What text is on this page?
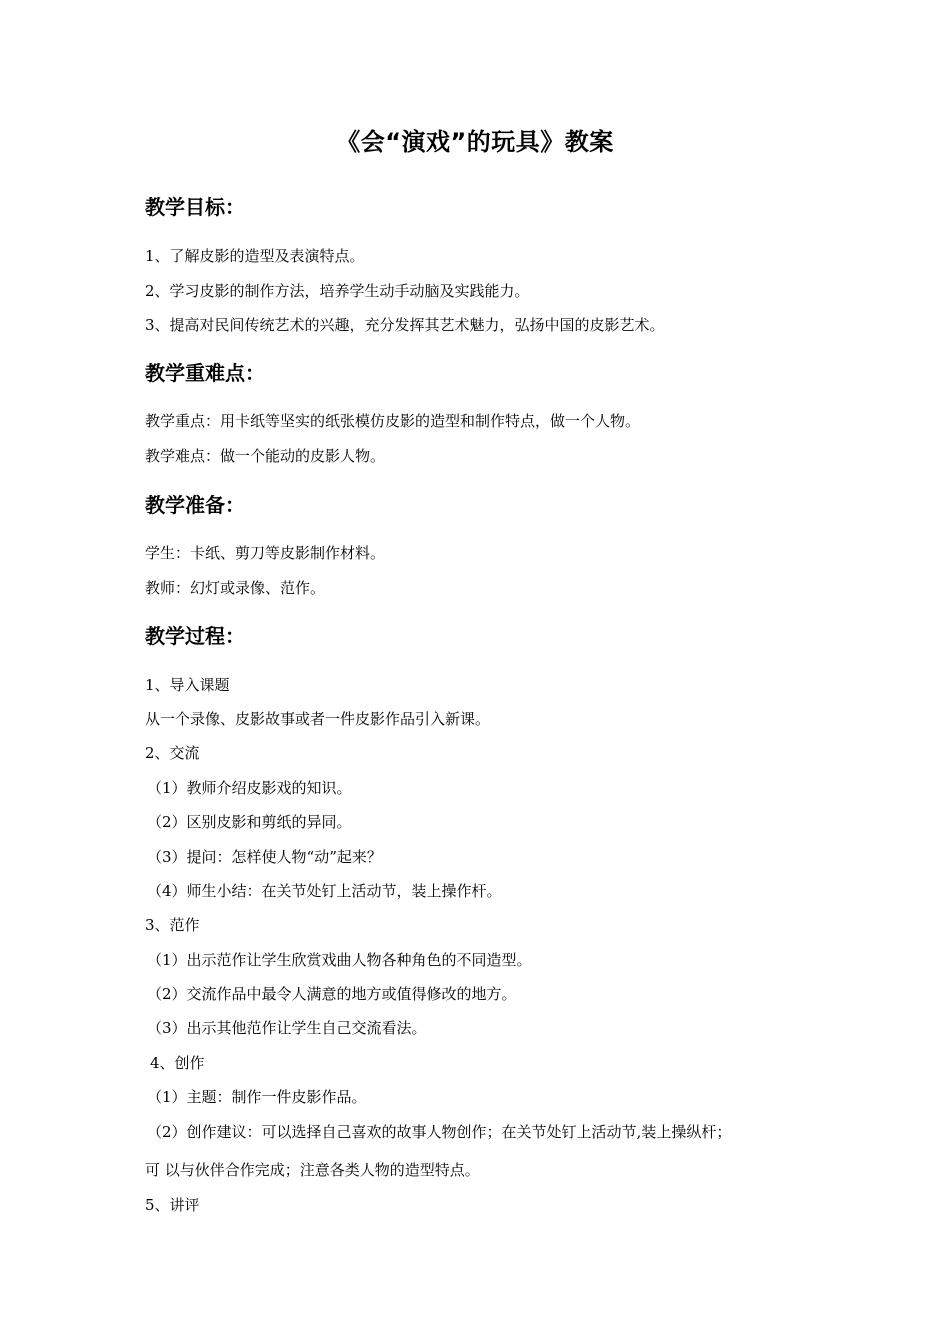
《会“演戏”的玩具》教案
教学目标：

1、了解皮影的造型及表演特点。

2、学习皮影的制作方法，培养学生动手动脑及实践能力。

3、提高对民间传统艺术的兴趣，充分发挥其艺术魅力，弘扬中国的皮影艺术。

教学重难点：

教学重点：用卡纸等坚实的纸张模仿皮影的造型和制作特点，做一个人物。

教学难点：做一个能动的皮影人物。

教学准备：

学生：卡纸、剪刀等皮影制作材料。

教师：幻灯或录像、范作。

教学过程：

1、导入课题

从一个录像、皮影故事或者一件皮影作品引入新课。

2、交流

（1）教师介绍皮影戏的知识。

（2）区别皮影和剪纸的异同。

（3）提问：怎样使人物“动”起来？

（4）师生小结：在关节处钉上活动节，装上操作杆。

3、范作

（1）出示范作让学生欣赏戏曲人物各种角色的不同造型。

（2）交流作品中最令人满意的地方或值得修改的地方。

（3）出示其他范作让学生自己交流看法。

4、创作

（1）主题：制作一件皮影作品。

（2）创作建议：可以选择自己喜欢的故事人物创作；在关节处钉上活动节,装上操纵杆；

可 以与伙伴合作完成；注意各类人物的造型特点。

5、讲评
